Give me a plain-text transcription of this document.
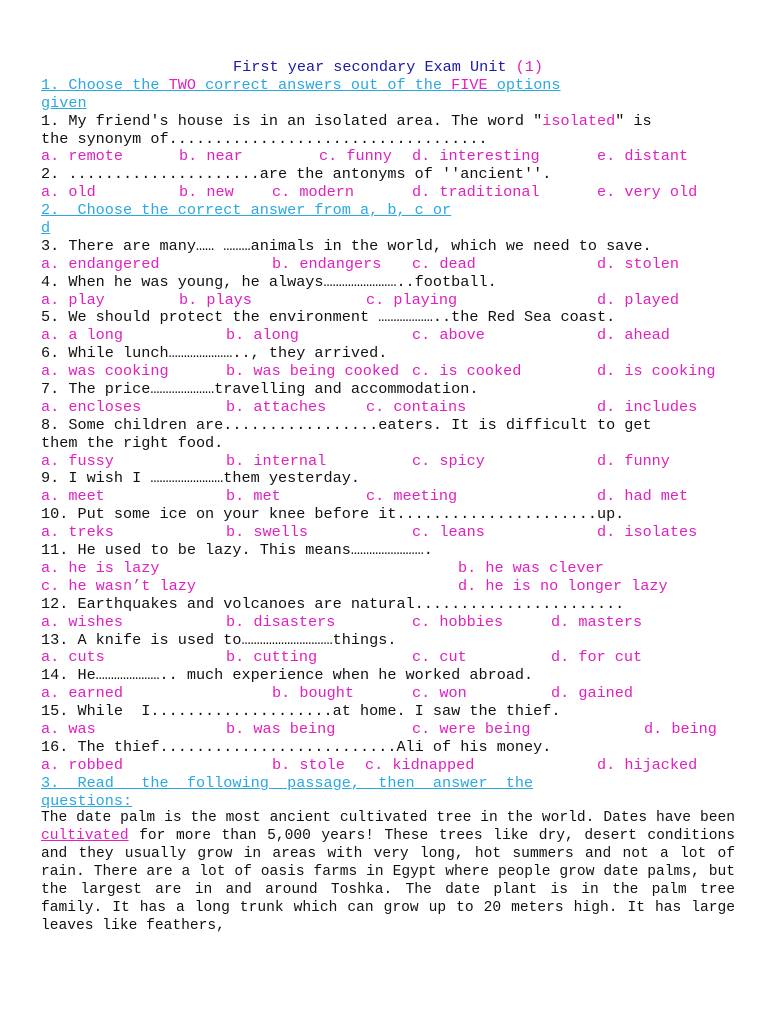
First year secondary Exam Unit (1)
1. Choose the TWO correct answers out of the FIVE options
given
1. My friend's house is in an isolated area. The word "isolated" is
the synonym of...................................
a. remote	b. near	c. funny	d. interesting	e. distant
2. .....................are the antonyms of ''ancient''.
a. old	b. new	c. modern	d. traditional	e. very old
2.  Choose the correct answer from a, b, c or
d
3. There are many…… ………animals in the world, which we need to save.
a. endangered	b. endangers	c. dead	d. stolen
4. When he was young, he always……………………..football.
a. play	b. plays	c. playing	d. played
5. We should protect the environment ………………..the Red Sea coast.
a. a long	b. along	c. above	d. ahead
6. While lunch………………….., they arrived.
a. was cooking	b. was being cooked c. is cooked	d. is cooking
7. The price…………………travelling and accommodation.
a. encloses	b. attaches	c. contains	d. includes
8. Some children are.................eaters. It is difficult to get
them the right food.
a. fussy	b. internal	c. spicy	d. funny
9. I wish I ……………………them yesterday.
a. meet	b. met	c. meeting	d. had met
10. Put some ice on your knee before it......................up.
a. treks	b. swells	c. leans	d. isolates
11. He used to be lazy. This means…………………….
a. he is lazy	b. he was clever
c. he wasn’t lazy	d. he is no longer lazy
12. Earthquakes and volcanoes are natural.......................
a. wishes	b. disasters	c. hobbies	d. masters
13. A knife is used to…………………………things.
a. cuts	b. cutting	c. cut	d. for cut
14. He………………….. much experience when he worked abroad.
a. earned	b. bought	c. won	d. gained
15. While  I....................at home. I saw the thief.
a. was	b. was being	c. were being	d. being
16. The thief..........................Ali of his money.
a. robbed	b. stole	c. kidnapped	d. hijacked
3.  Read   the  following  passage,  then  answer  the
questions:
The date palm is the most ancient cultivated tree in the world. Dates have been cultivated for more than 5,000 years! These trees like dry, desert conditions and they usually grow in areas with very long, hot summers and not a lot of rain. There are a lot of oasis farms in Egypt where people grow date palms, but the largest are in and around Toshka. The date plant is in the palm tree family. It has a long trunk which can grow up to 20 meters high. It has large leaves like feathers,
